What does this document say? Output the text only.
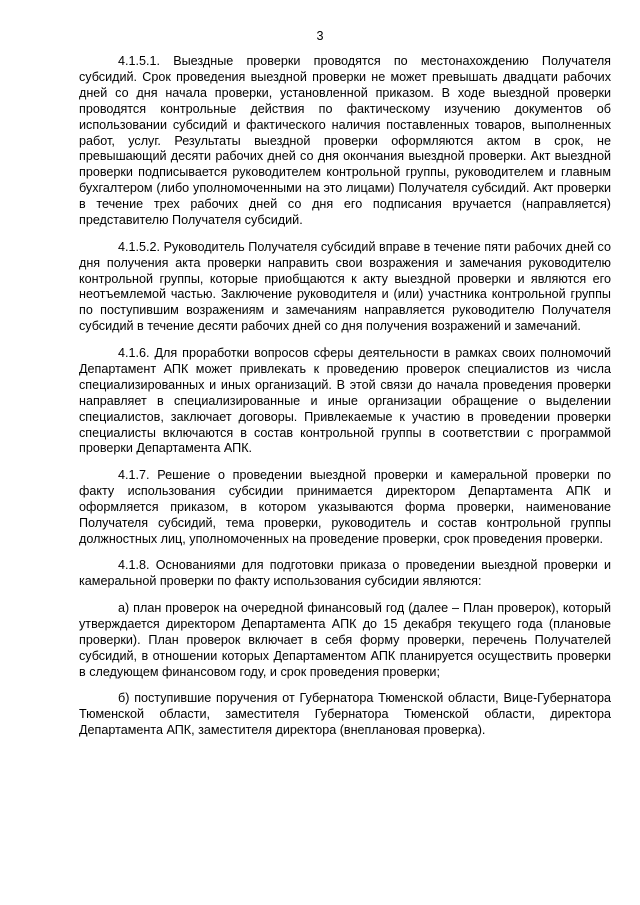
3

4.1.5.1. Выездные проверки проводятся по местонахождению Получателя субсидий. Срок проведения выездной проверки не может превышать двадцати рабочих дней со дня начала проверки, установленной приказом. В ходе выездной проверки проводятся контрольные действия по фактическому изучению документов об использовании субсидий и фактического наличия поставленных товаров, выполненных работ, услуг. Результаты выездной проверки оформляются актом в срок, не превышающий десяти рабочих дней со дня окончания выездной проверки. Акт выездной проверки подписывается руководителем контрольной группы, руководителем и главным бухгалтером (либо уполномоченными на это лицами) Получателя субсидий. Акт проверки в течение трех рабочих дней со дня его подписания вручается (направляется) представителю Получателя субсидий.

4.1.5.2. Руководитель Получателя субсидий вправе в течение пяти рабочих дней со дня получения акта проверки направить свои возражения и замечания руководителю контрольной группы, которые приобщаются к акту выездной проверки и являются его неотъемлемой частью. Заключение руководителя и (или) участника контрольной группы по поступившим возражениям и замечаниям направляется руководителю Получателя субсидий в течение десяти рабочих дней со дня получения возражений и замечаний.

4.1.6. Для проработки вопросов сферы деятельности в рамках своих полномочий Департамент АПК может привлекать к проведению проверок специалистов из числа специализированных и иных организаций. В этой связи до начала проведения проверки направляет в специализированные и иные организации обращение о выделении специалистов, заключает договоры. Привлекаемые к участию в проведении проверки специалисты включаются в состав контрольной группы в соответствии с программой проверки Департамента АПК.

4.1.7. Решение о проведении выездной проверки и камеральной проверки по факту использования субсидии принимается директором Департамента АПК и оформляется приказом, в котором указываются форма проверки, наименование Получателя субсидий, тема проверки, руководитель и состав контрольной группы должностных лиц, уполномоченных на проведение проверки, срок проведения проверки.

4.1.8. Основаниями для подготовки приказа о проведении выездной проверки и камеральной проверки по факту использования субсидии являются:

а) план проверок на очередной финансовый год (далее – План проверок), который утверждается директором Департамента АПК до 15 декабря текущего года (плановые проверки). План проверок включает в себя форму проверки, перечень Получателей субсидий, в отношении которых Департаментом АПК планируется осуществить проверки в следующем финансовом году, и срок проведения проверки;

б) поступившие поручения от Губернатора Тюменской области, Вице-Губернатора Тюменской области, заместителя Губернатора Тюменской области, директора Департамента АПК, заместителя директора (внеплановая проверка).
